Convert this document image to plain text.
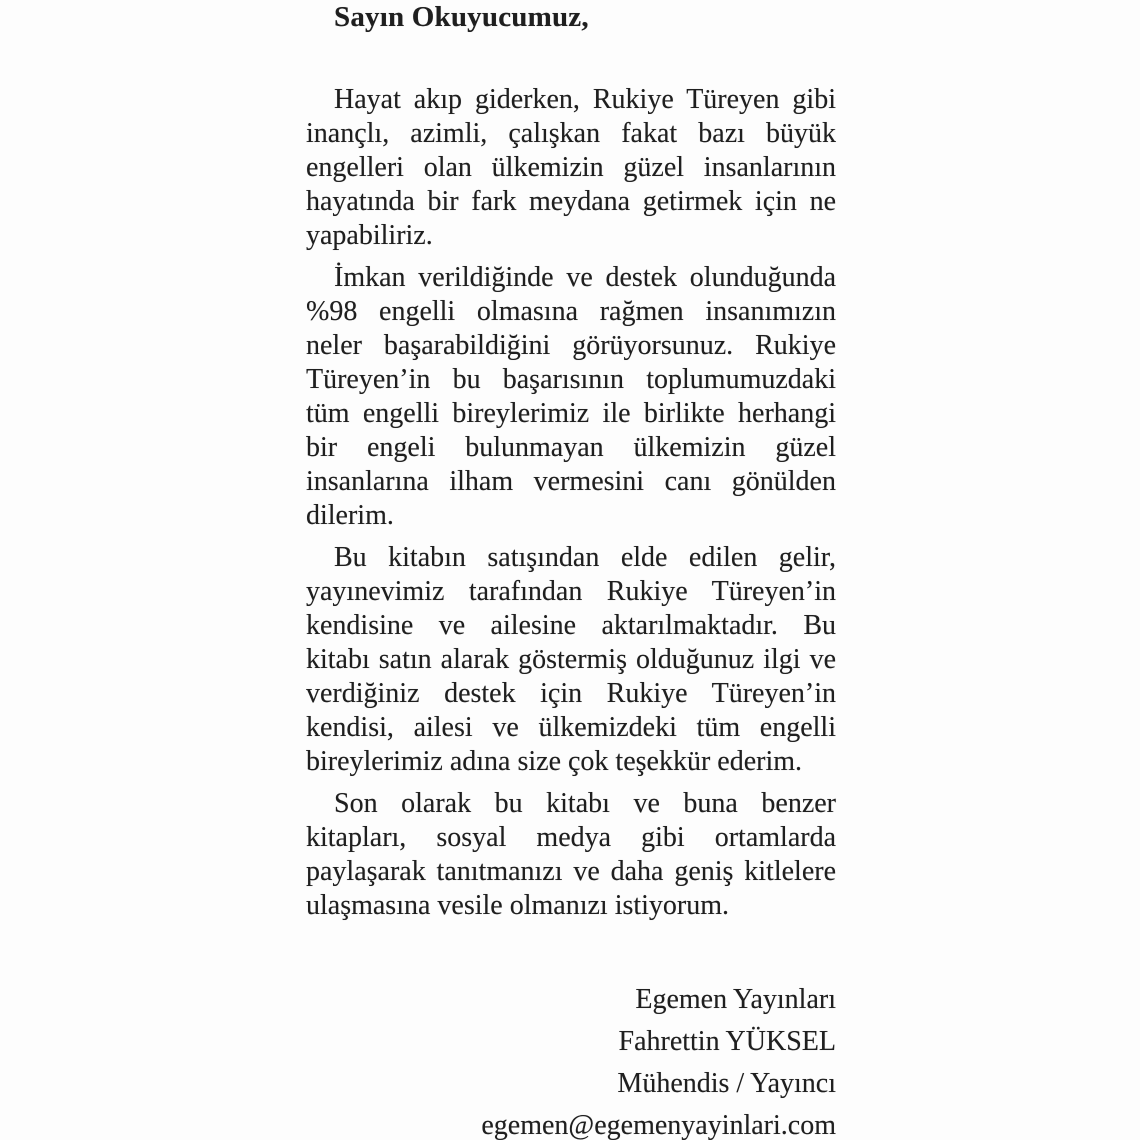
Sayın Okuyucumuz,
Hayat akıp giderken, Rukiye Türeyen gibi
inançlı, azimli, çalışkan fakat bazı büyük
engelleri olan ülkemizin güzel insanlarının
hayatında bir fark meydana getirmek için ne
yapabiliriz.
İmkan verildiğinde ve destek olunduğunda
%98 engelli olmasına rağmen insanımızın
neler başarabildiğini görüyorsunuz. Rukiye
Türeyen’in bu başarısının toplumumuzdaki
tüm engelli bireylerimiz ile birlikte herhangi
bir engeli bulunmayan ülkemizin güzel
insanlarına ilham vermesini canı gönülden
dilerim.
Bu kitabın satışından elde edilen gelir,
yayınevimiz tarafından Rukiye Türeyen’in
kendisine ve ailesine aktarılmaktadır. Bu
kitabı satın alarak göstermiş olduğunuz ilgi ve
verdiğiniz destek için Rukiye Türeyen’in
kendisi, ailesi ve ülkemizdeki tüm engelli
bireylerimiz adına size çok teşekkür ederim.
Son olarak bu kitabı ve buna benzer
kitapları, sosyal medya gibi ortamlarda
paylaşarak tanıtmanızı ve daha geniş kitlelere
ulaşmasına vesile olmanızı istiyorum.
Egemen Yayınları
Fahrettin YÜKSEL
Mühendis / Yayıncı
egemen@egemenyayinlari.com
